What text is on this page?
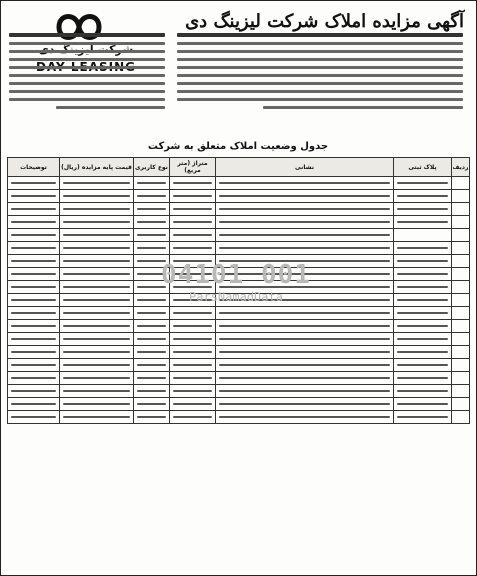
آگهی مزایده املاک شرکت لیزینگ دی
جدول وضعیت املاک متعلق به شرکت
ردیف	پلاک ثبتی	نشانی	متراژ (متر مربع)	نوع کاربری	قیمت پایه مزایده (ریال)	توضیحات

04101 001
ParsNamadData
